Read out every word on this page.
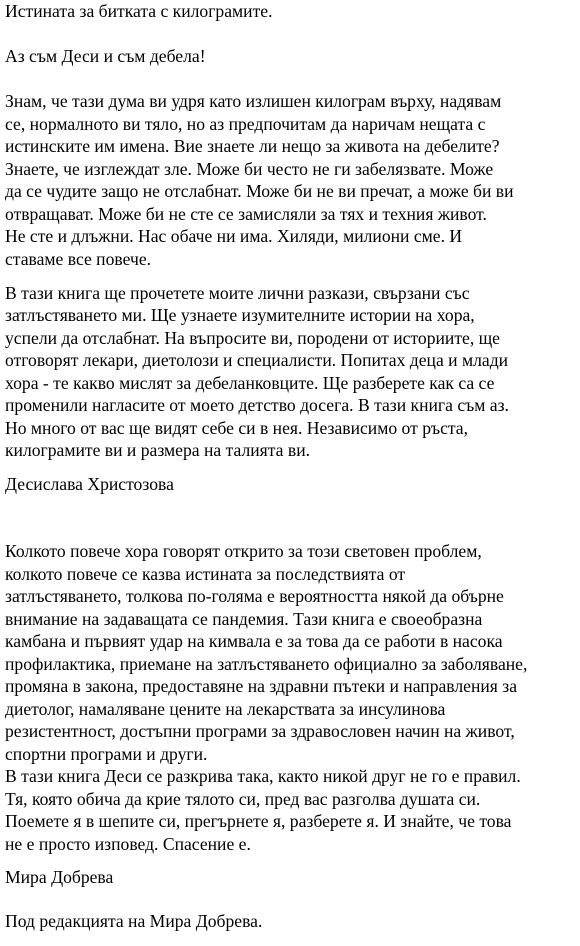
Истината за битката с килограмите.
Аз съм Деси и съм дебела!
Знам, че тази дума ви удря като излишен килограм върху, надявам
се, нормалното ви тяло, но аз предпочитам да наричам нещата с
истинските им имена. Вие знаете ли нещо за живота на дебелите?
Знаете, че изглеждат зле. Може би често не ги забелязвате. Може
да се чудите защо не отслабнат. Може би не ви пречат, а може би ви
отвращават. Може би не сте се замисляли за тях и техния живот.
Не сте и длъжни. Нас обаче ни има. Хиляди, милиони сме. И
ставаме все повече.
В тази книга ще прочетете моите лични разкази, свързани със
затлъстяването ми. Ще узнаете изумителните истории на хора,
успели да отслабнат. На въпросите ви, породени от историите, ще
отговорят лекари, диетолози и специалисти. Попитах деца и млади
хора - те какво мислят за дебеланковците. Ще разберете как са се
променили нагласите от моето детство досега. В тази книга съм аз.
Но много от вас ще видят себе си в нея. Независимо от ръста,
килограмите ви и размера на талията ви.
Десислава Христозова
Колкото повече хора говорят открито за този световен проблем,
колкото повече се казва истината за последствията от
затлъстяването, толкова по-голяма е вероятността някой да обърне
внимание на задаващата се пандемия. Тази книга е своеобразна
камбана и първият удар на кимвала е за това да се работи в насока
профилактика, приемане на затлъстяването официално за заболяване,
промяна в закона, предоставяне на здравни пътеки и направления за
диетолог, намаляване цените на лекарствата за инсулинова
резистентност, достъпни програми за здравословен начин на живот,
спортни програми и други.
В тази книга Деси се разкрива така, както никой друг не го е правил.
Тя, която обича да крие тялото си, пред вас разголва душата си.
Поемете я в шепите си, прегърнете я, разберете я. И знайте, че това
не е просто изповед. Спасение е.
Мира Добрева
Под редакцията на Мира Добрева.
